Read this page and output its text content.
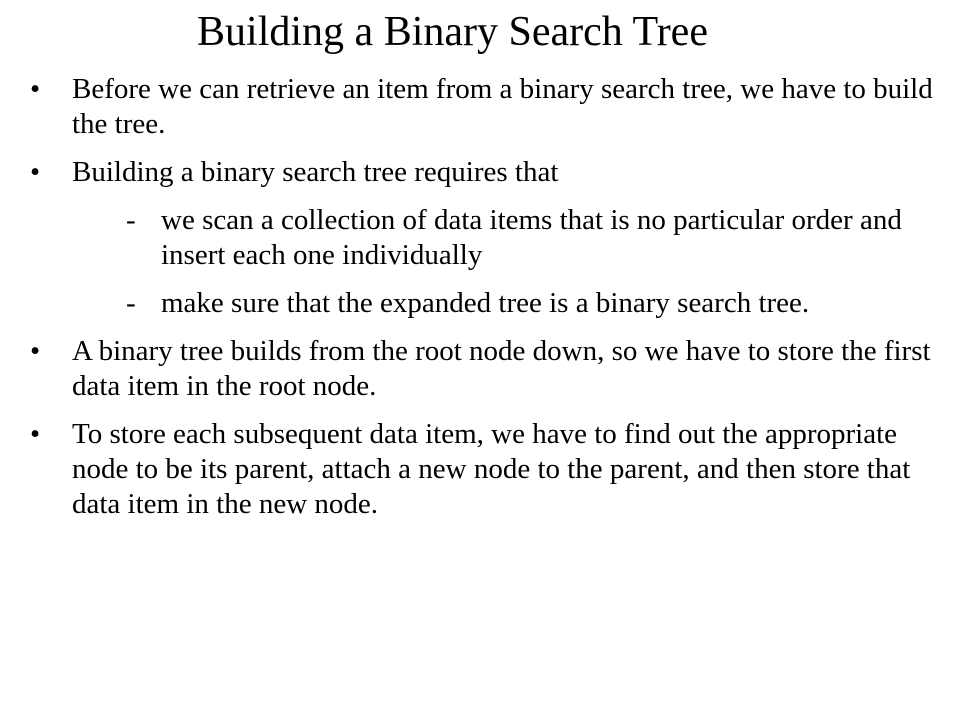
Building a Binary Search Tree
•	Before we can retrieve an item from a binary search tree, we have to build the tree.
•	Building a binary search tree requires that
- we scan a collection of data items that is no particular order and insert each one individually
- make sure that the expanded tree is a binary search tree.
•	A binary tree builds from the root node down, so we have to store the first data item in the root node.
•	To store each subsequent data item, we have to find out the appropriate node to be its parent, attach a new node to the parent, and then store that data item in the new node.
